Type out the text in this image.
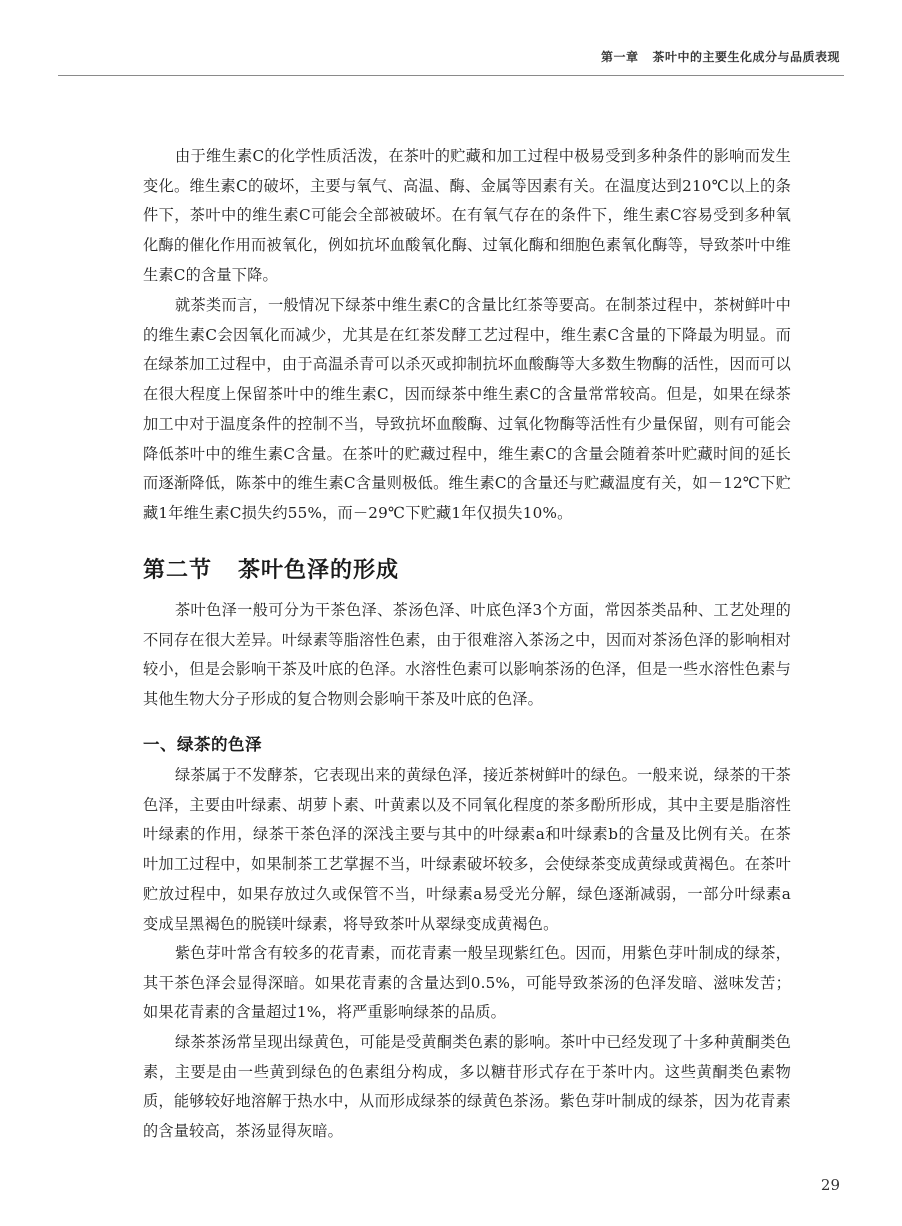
第一章 茶叶中的主要生化成分与品质表现

由于维生素C的化学性质活泼，在茶叶的贮藏和加工过程中极易受到多种条件的影响而发生变化。维生素C的破坏，主要与氧气、高温、酶、金属等因素有关。在温度达到210℃以上的条件下，茶叶中的维生素C可能会全部被破坏。在有氧气存在的条件下，维生素C容易受到多种氧化酶的催化作用而被氧化，例如抗坏血酸氧化酶、过氧化酶和细胞色素氧化酶等，导致茶叶中维生素C的含量下降。

就茶类而言，一般情况下绿茶中维生素C的含量比红茶等要高。在制茶过程中，茶树鲜叶中的维生素C会因氧化而减少，尤其是在红茶发酵工艺过程中，维生素C含量的下降最为明显。而在绿茶加工过程中，由于高温杀青可以杀灭或抑制抗坏血酸酶等大多数生物酶的活性，因而可以在很大程度上保留茶叶中的维生素C，因而绿茶中维生素C的含量常常较高。但是，如果在绿茶加工中对于温度条件的控制不当，导致抗坏血酸酶、过氧化物酶等活性有少量保留，则有可能会降低茶叶中的维生素C含量。在茶叶的贮藏过程中，维生素C的含量会随着茶叶贮藏时间的延长而逐渐降低，陈茶中的维生素C含量则极低。维生素C的含量还与贮藏温度有关，如－12℃下贮藏1年维生素C损失约55%，而－29℃下贮藏1年仅损失10%。

第二节 茶叶色泽的形成

茶叶色泽一般可分为干茶色泽、茶汤色泽、叶底色泽3个方面，常因茶类品种、工艺处理的不同存在很大差异。叶绿素等脂溶性色素，由于很难溶入茶汤之中，因而对茶汤色泽的影响相对较小，但是会影响干茶及叶底的色泽。水溶性色素可以影响茶汤的色泽，但是一些水溶性色素与其他生物大分子形成的复合物则会影响干茶及叶底的色泽。

一、绿茶的色泽

绿茶属于不发酵茶，它表现出来的黄绿色泽，接近茶树鲜叶的绿色。一般来说，绿茶的干茶色泽，主要由叶绿素、胡萝卜素、叶黄素以及不同氧化程度的茶多酚所形成，其中主要是脂溶性叶绿素的作用，绿茶干茶色泽的深浅主要与其中的叶绿素a和叶绿素b的含量及比例有关。在茶叶加工过程中，如果制茶工艺掌握不当，叶绿素破坏较多，会使绿茶变成黄绿或黄褐色。在茶叶贮放过程中，如果存放过久或保管不当，叶绿素a易受光分解，绿色逐渐减弱，一部分叶绿素a变成呈黑褐色的脱镁叶绿素，将导致茶叶从翠绿变成黄褐色。

紫色芽叶常含有较多的花青素，而花青素一般呈现紫红色。因而，用紫色芽叶制成的绿茶，其干茶色泽会显得深暗。如果花青素的含量达到0.5%，可能导致茶汤的色泽发暗、滋味发苦；如果花青素的含量超过1%，将严重影响绿茶的品质。

绿茶茶汤常呈现出绿黄色，可能是受黄酮类色素的影响。茶叶中已经发现了十多种黄酮类色素，主要是由一些黄到绿色的色素组分构成，多以糖苷形式存在于茶叶内。这些黄酮类色素物质，能够较好地溶解于热水中，从而形成绿茶的绿黄色茶汤。紫色芽叶制成的绿茶，因为花青素的含量较高，茶汤显得灰暗。

29
